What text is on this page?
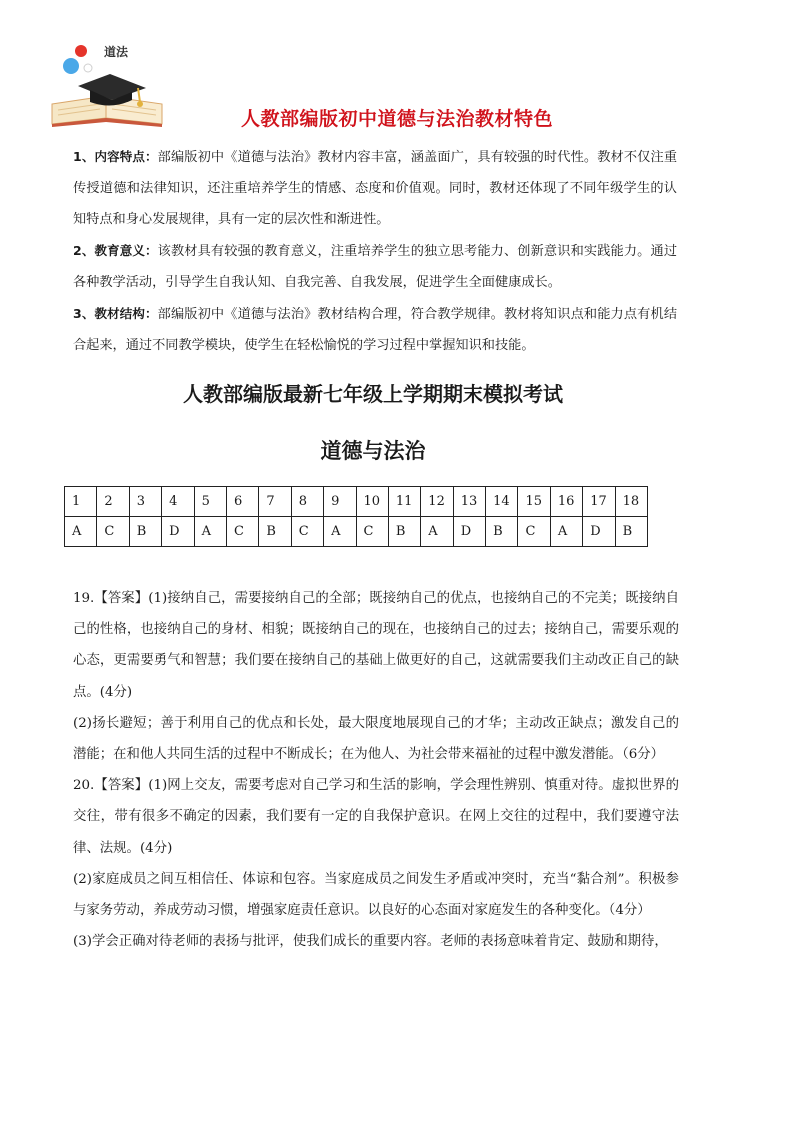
道法
人教部编版初中道德与法治教材特色

1、内容特点：部编版初中《道德与法治》教材内容丰富，涵盖面广，具有较强的时代性。教材不仅注重传授道德和法律知识，还注重培养学生的情感、态度和价值观。同时，教材还体现了不同年级学生的认知特点和身心发展规律，具有一定的层次性和渐进性。

2、教育意义：该教材具有较强的教育意义，注重培养学生的独立思考能力、创新意识和实践能力。通过各种教学活动，引导学生自我认知、自我完善、自我发展，促进学生全面健康成长。

3、教材结构：部编版初中《道德与法治》教材结构合理，符合教学规律。教材将知识点和能力点有机结合起来，通过不同教学模块，使学生在轻松愉悦的学习过程中掌握知识和技能。

人教部编版最新七年级上学期期末模拟考试
道德与法治
1	2	3	4	5	6	7	8	9	10	11	12	13	14	15	16	17	18
A	C	B	D	A	C	B	C	A	C	B	A	D	B	C	A	D	B

19.【答案】(1)接纳自己，需要接纳自己的全部；既接纳自己的优点，也接纳自己的不完美；既接纳自己的性格，也接纳自己的身材、相貌；既接纳自己的现在，也接纳自己的过去；接纳自己，需要乐观的心态，更需要勇气和智慧；我们要在接纳自己的基础上做更好的自己，这就需要我们主动改正自己的缺点。(4分)

(2)扬长避短；善于利用自己的优点和长处，最大限度地展现自己的才华；主动改正缺点；激发自己的潜能；在和他人共同生活的过程中不断成长；在为他人、为社会带来福祉的过程中激发潜能。（6分）

20.【答案】(1)网上交友，需要考虑对自己学习和生活的影响，学会理性辨别、慎重对待。虚拟世界的交往，带有很多不确定的因素，我们要有一定的自我保护意识。在网上交往的过程中，我们要遵守法律、法规。(4分)

(2)家庭成员之间互相信任、体谅和包容。当家庭成员之间发生矛盾或冲突时，充当“黏合剂”。积极参与家务劳动，养成劳动习惯，增强家庭责任意识。以良好的心态面对家庭发生的各种变化。（4分）

(3)学会正确对待老师的表扬与批评，使我们成长的重要内容。老师的表扬意味着肯定、鼓励和期待，
